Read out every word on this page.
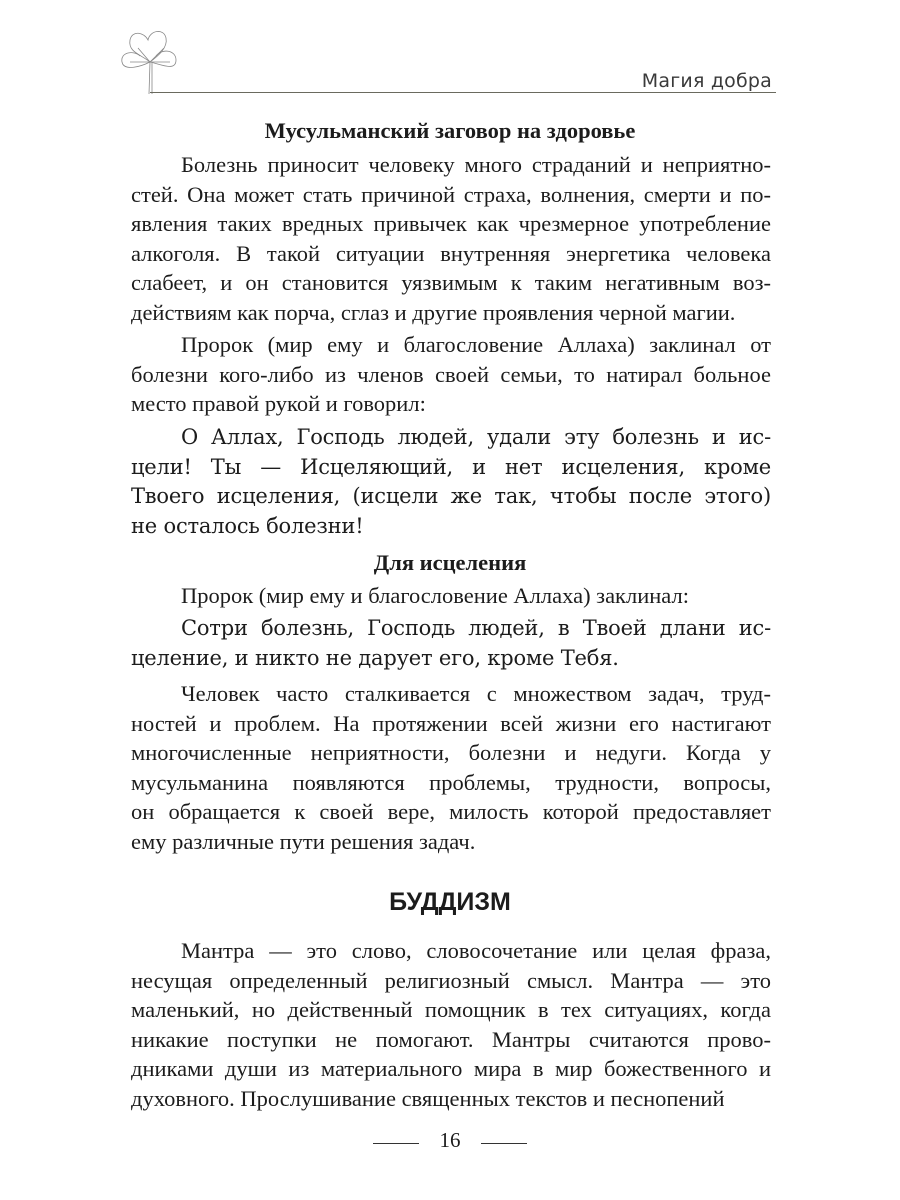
Магия добра
Мусульманский заговор на здоровье
Болезнь приносит человеку много страданий и неприятно-
стей. Она может стать причиной страха, волнения, смерти и по-
явления таких вредных привычек как чрезмерное употребление
алкоголя. В такой ситуации внутренняя энергетика человека
слабеет, и он становится уязвимым к таким негативным воз-
действиям как порча, сглаз и другие проявления черной магии.
Пророк (мир ему и благословение Аллаха) заклинал от
болезни кого-либо из членов своей семьи, то натирал больное
место правой рукой и говорил:
О Аллах, Господь людей, удали эту болезнь и ис-
цели! Ты — Исцеляющий, и нет исцеления, кроме
Твоего исцеления, (исцели же так, чтобы после этого)
не осталось болезни!
Для исцеления
Пророк (мир ему и благословение Аллаха) заклинал:
Сотри болезнь, Господь людей, в Твоей длани ис-
целение, и никто не дарует его, кроме Тебя.
Человек часто сталкивается с множеством задач, труд-
ностей и проблем. На протяжении всей жизни его настигают
многочисленные неприятности, болезни и недуги. Когда у
мусульманина появляются проблемы, трудности, вопросы,
он обращается к своей вере, милость которой предоставляет
ему различные пути решения задач.
БУДДИЗМ
Мантра — это слово, словосочетание или целая фраза,
несущая определенный религиозный смысл. Мантра — это
маленький, но действенный помощник в тех ситуациях, когда
никакие поступки не помогают. Мантры считаются прово-
дниками души из материального мира в мир божественного и
духовного. Прослушивание священных текстов и песнопений
16
